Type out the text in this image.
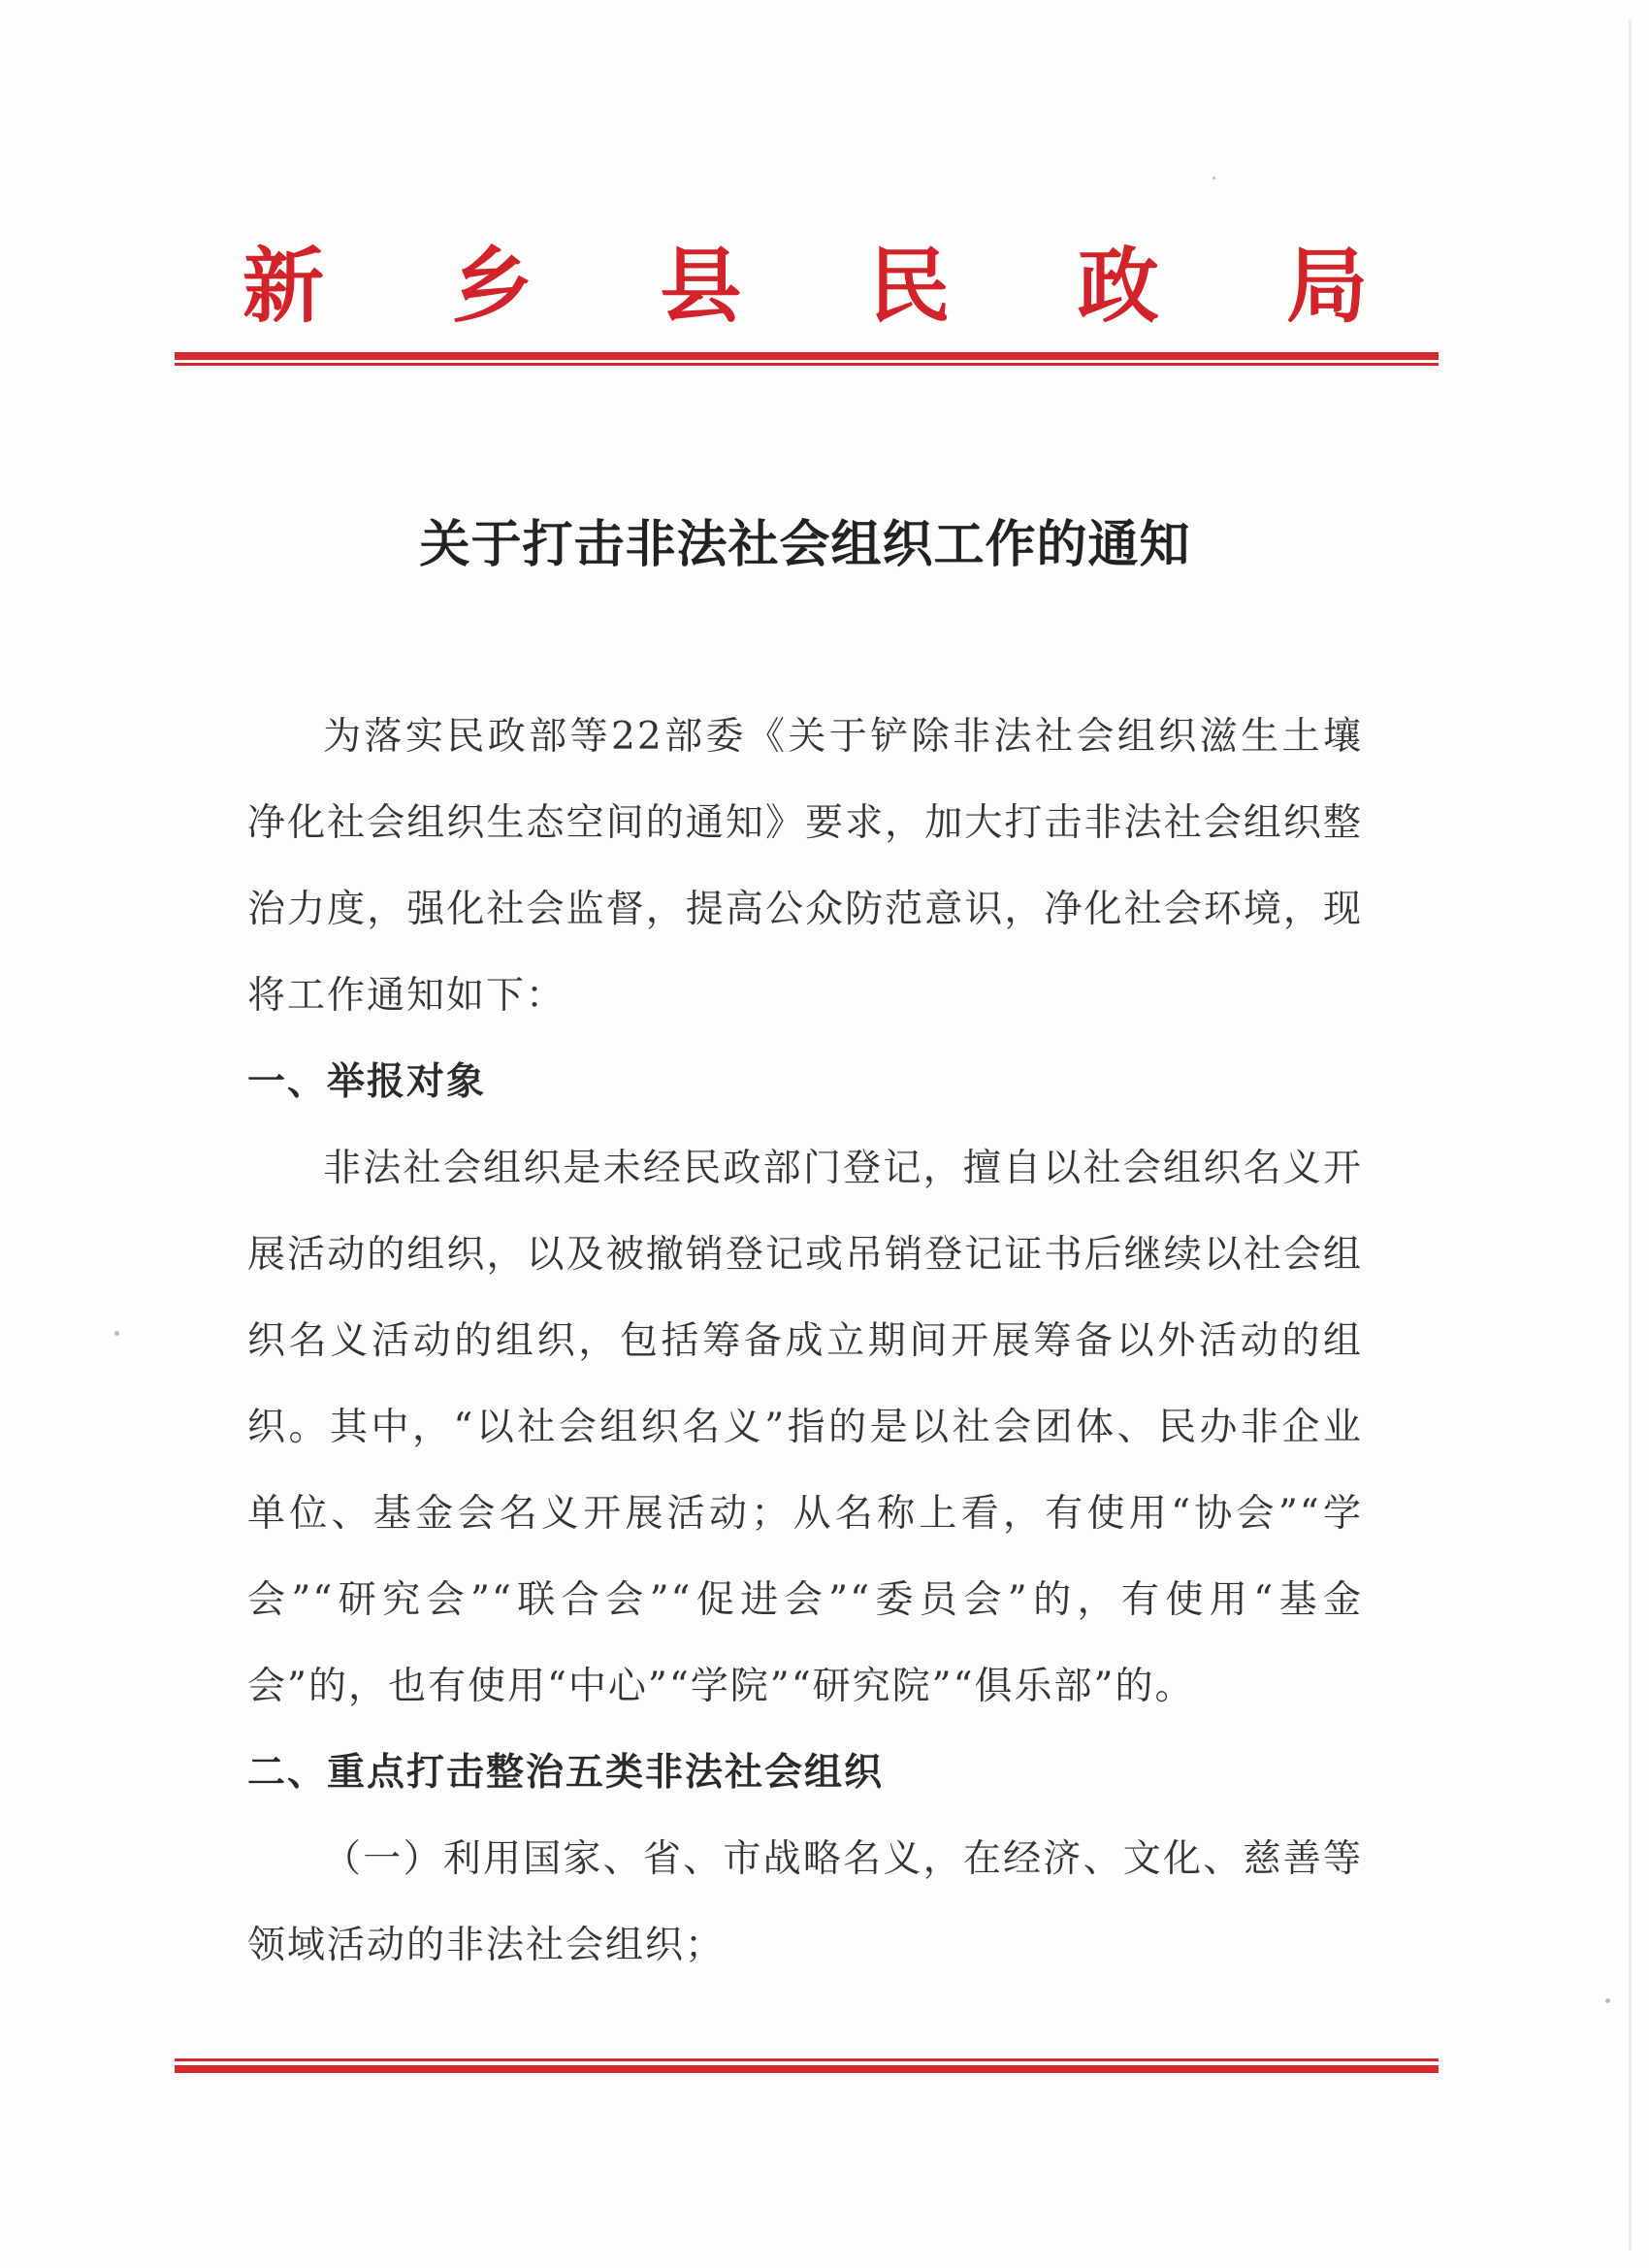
新 乡 县 民 政 局
关于打击非法社会组织工作的通知

为落实民政部等22部委《关于铲除非法社会组织滋生土壤净化社会组织生态空间的通知》要求，加大打击非法社会组织整治力度，强化社会监督，提高公众防范意识，净化社会环境，现将工作通知如下：

一、举报对象

非法社会组织是未经民政部门登记，擅自以社会组织名义开展活动的组织，以及被撤销登记或吊销登记证书后继续以社会组织名义活动的组织，包括筹备成立期间开展筹备以外活动的组织。其中，“以社会组织名义”指的是以社会团体、民办非企业单位、基金会名义开展活动；从名称上看，有使用“协会”“学会”“研究会”“联合会”“促进会”“委员会”的，有使用“基金会”的，也有使用“中心”“学院”“研究院”“俱乐部”的。

二、重点打击整治五类非法社会组织

（一）利用国家、省、市战略名义，在经济、文化、慈善等领域活动的非法社会组织；
